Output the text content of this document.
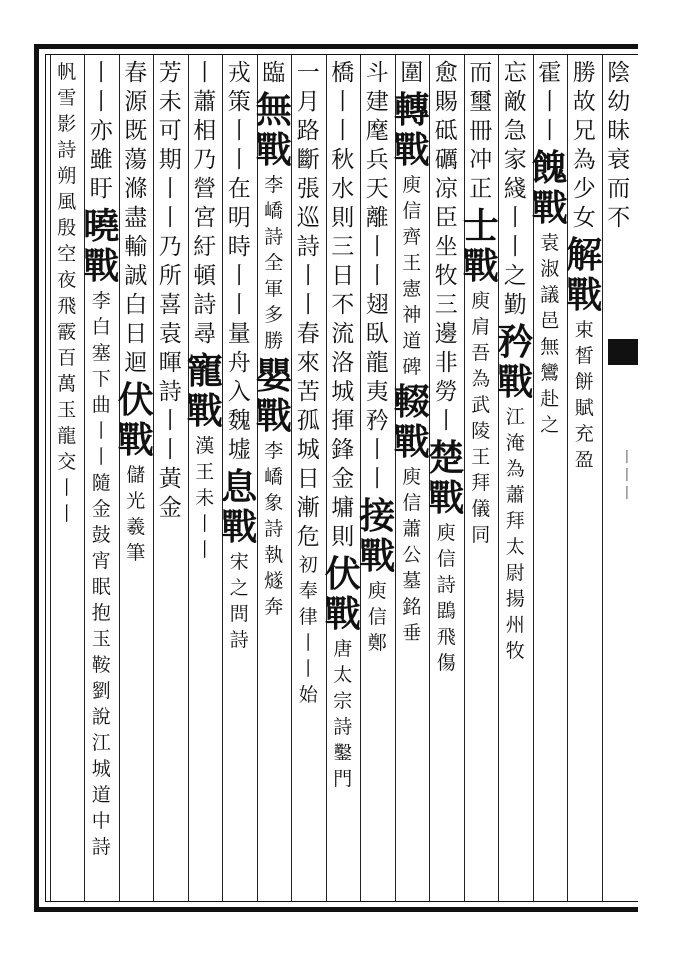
陰
幼
昧
衰
而
不
勝
故
兄
為
少
女
解
戰
束
皙
餅
賦
充
盈
霍
丨
丨
餽
戰
袁
淑
議
邑
無
鸞
赴
之
忘
敵
急
家
綫
丨
丨
之
勤
矜
戰
江
淹
為
蕭
拜
太
尉
揚
州
牧
而
璽
冊
冲
正
士
戰
庾
肩
吾
為
武
陵
王
拜
儀
同
愈
賜
砥
礪
凉
臣
坐
牧
三
邊
非
勞
丨
楚
戰
庾
信
詩
鵾
飛
傷
圍
轉
戰
庾
信
齊
王
憲
神
道
碑
輟
戰
庾
信
蕭
公
墓
銘
垂
斗
建
麾
兵
天
離
丨
丨
翅
臥
龍
夷
矜
丨
丨
接
戰
庾
信
鄭
橋
丨
丨
秋
水
則
三
日
不
流
洛
城
揮
鋒
金
墉
則
伏
戰
唐
太
宗
詩
鑿
門
一
月
路
斷
張
巡
詩
丨
丨
春
來
苦
孤
城
日
漸
危
初
奉
律
丨
丨
始
臨
無
戰
李
嶠
詩
全
軍
多
勝
嬰
戰
李
嶠
象
詩
執
燧
奔
戎
策
丨
丨
在
明
時
丨
丨
量
舟
入
魏
墟
息
戰
宋
之
問
詩
丨
蕭
相
乃
營
宮
紆
頓
詩
尋
寵
戰
漢
王
未
丨
丨
芳
未
可
期
丨
丨
乃
所
喜
袁
暉
詩
丨
丨
黃
金
春
源
既
蕩
滌
盡
輸
誠
白
日
迴
伏
戰
儲
光
羲
筆
丨
丨
亦
雖
盱
曉
戰
李
白
塞
下
曲
丨
丨
隨
金
鼓
宵
眠
抱
玉
鞍
劉
說
江
城
道
中
詩
帆
雪
影
詩
朔
風
殷
空
夜
飛
霰
百
萬
玉
龍
交
丨
丨
丨
丨
丨
